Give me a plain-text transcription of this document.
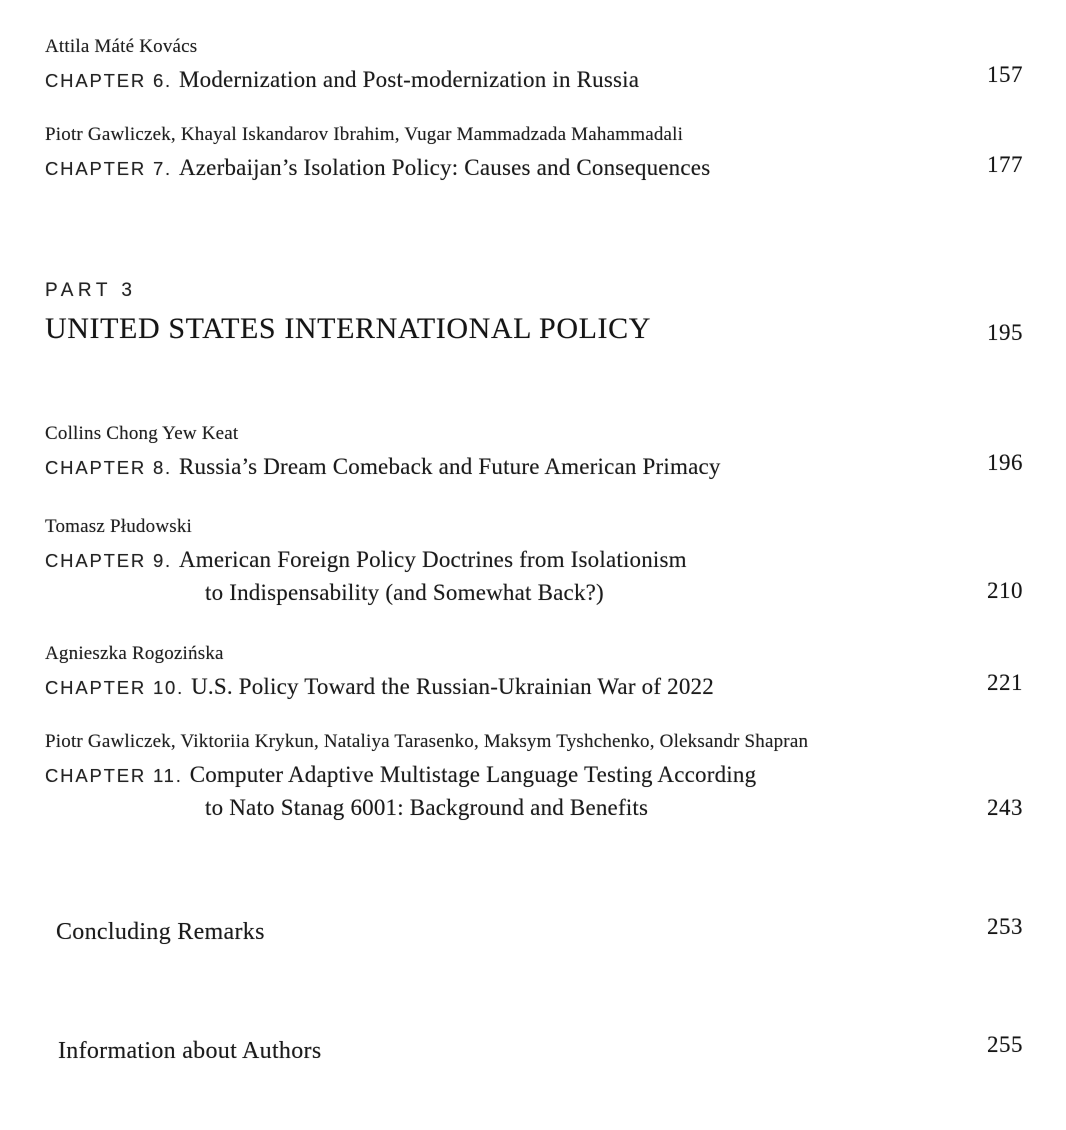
Attila Máté Kovács
CHAPTER 6. Modernization and Post-modernization in Russia	157
Piotr Gawliczek, Khayal Iskandarov Ibrahim, Vugar Mammadzada Mahammadali
CHAPTER 7. Azerbaijan’s Isolation Policy: Causes and Consequences	177
PART 3
UNITED STATES INTERNATIONAL POLICY	195
Collins Chong Yew Keat
CHAPTER 8. Russia’s Dream Comeback and Future American Primacy	196
Tomasz Płudowski
CHAPTER 9. American Foreign Policy Doctrines from Isolationism
to Indispensability (and Somewhat Back?)	210
Agnieszka Rogozińska
CHAPTER 10. U.S. Policy Toward the Russian-Ukrainian War of 2022	221
Piotr Gawliczek, Viktoriia Krykun, Nataliya Tarasenko, Maksym Tyshchenko, Oleksandr Shapran
CHAPTER 11. Computer Adaptive Multistage Language Testing According
to Nato Stanag 6001: Background and Benefits	243
Concluding Remarks	253
Information about Authors	255
